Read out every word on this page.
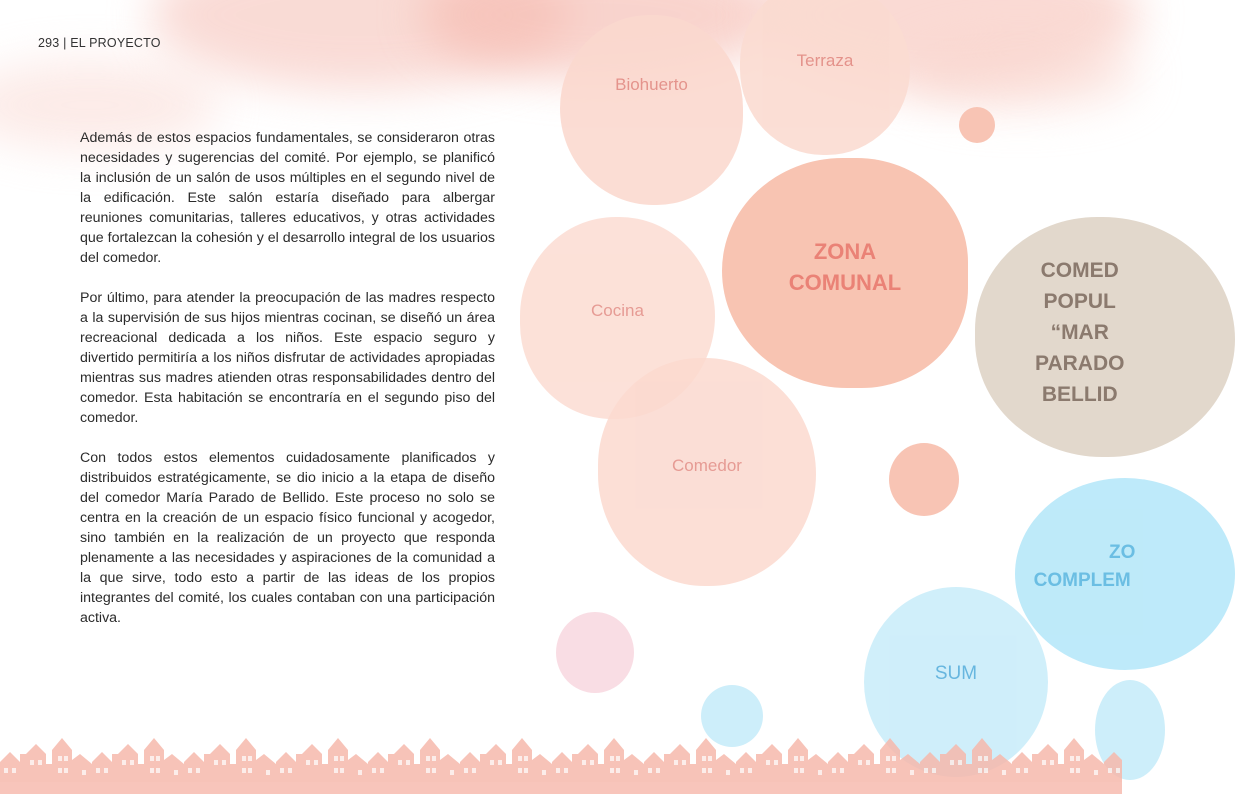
293 | EL PROYECTO

Además de estos espacios fundamentales, se consideraron otras necesidades y sugerencias del comité. Por ejemplo, se planificó la inclusión de un salón de usos múltiples en el segundo nivel de la edificación. Este salón estaría diseñado para albergar reuniones comunitarias, talleres educativos, y otras actividades que fortalezcan la cohesión y el desarrollo integral de los usuarios del comedor.

Por último, para atender la preocupación de las madres respecto a la supervisión de sus hijos mientras cocinan, se diseñó un área recreacional dedicada a los niños. Este espacio seguro y divertido permitiría a los niños disfrutar de actividades apropiadas mientras sus madres atienden otras responsabilidades dentro del comedor. Esta habitación se encontraría en el segundo piso del comedor.

Con todos estos elementos cuidadosamente planificados y distribuidos estratégicamente, se dio inicio a la etapa de diseño del comedor María Parado de Bellido. Este proceso no solo se centra en la creación de un espacio físico funcional y acogedor, sino también en la realización de un proyecto que responda plenamente a las necesidades y aspiraciones de la comunidad a la que sirve, todo esto a partir de las ideas de los propios integrantes del comité, los cuales contaban con una participación activa.

Terraza
Biohuerto
ZONA
COMUNAL
Cocina
Comedor
COMED
POPUL
“MAR
PARADO
BELLID
ZO
COMPLEM
SUM
